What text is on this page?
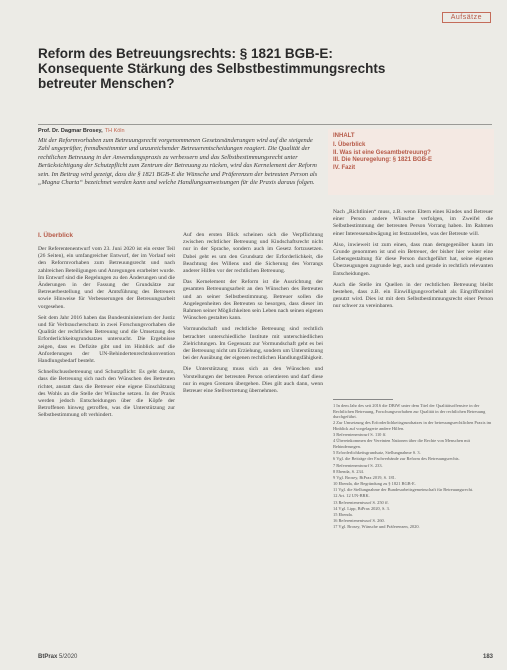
Aufsätze
Reform des Betreuungsrechts: § 1821 BGB-E:
Konsequente Stärkung des Selbstbestimmungsrechts
betreuter Menschen?
Prof. Dr. Dagmar Brosey, TH Köln
Mit der Reformvorhaben zum Betreuungsrecht vorgenommenen Gesetzesänderungen wird auf die steigende Zahl ungeprüfter, fremdbestimmter und unzureichender Betreuerentscheidungen reagiert. Die Qualität der rechtlichen Betreuung in der Anwendungspraxis zu verbessern und das Selbstbestimmungsrecht unter Berücksichtigung der Schutzpflicht zum Zentrum der Betreuung zu rücken, wird das Kernelement der Reform sein. Im Beitrag wird gezeigt, dass die § 1821 BGB-E die Wünsche und Präferenzen der betreuten Person als „Magna Charta“ bezeichnet werden kann und welche Handlungsanweisungen für die Praxis daraus folgen.
INHALT
I. Überblick
II. Was ist eine Gesamtbetreuung?
III. Die Neuregelung: § 1821 BGB-E
IV. Fazit
I. Überblick

Der Referentenentwurf vom 23. Juni 2020 ist ein erster Teil (26 Seiten), ein umfangreicher Entwurf, der im Vorlauf seit den Reformvorhaben zum Betreuungsrecht und nach zahlreichen Beteiligungen und Anregungen erarbeitet wurde. Im Entwurf sind die Regelungen zu den Änderungen und die Änderungen in der Fassung der Grundsätze zur Betreuerbestellung und der Amtsführung des Betreuers sowie Hinweise für Verbesserungen der Betreuungsarbeit vorgesehen.

Seit dem Jahr 2016 haben das Bundesministerium der Justiz und für Verbraucherschutz in zwei Forschungsvorhaben die Qualität der rechtlichen Betreuung und die Umsetzung des Erforderlichkeitsgrundsatzes untersucht. Die Ergebnisse zeigen, dass es Defizite gibt und im Hinblick auf die Anforderungen der UN-Behindertenrechtskonvention Handlungsbedarf besteht.

Schnellschussbetreuung und Schutzpflicht: Es geht darum, dass die Betreuung sich nach den Wünschen des Betreuten richtet, anstatt dass die Betreuer eine eigene Einschätzung des Wohls an die Stelle der Wünsche setzen. In der Praxis werden jedoch Entscheidungen über die Köpfe der Betroffenen hinweg getroffen, was die Unterstützung zur Selbstbestimmung oft verhindert.

Auf den ersten Blick scheinen sich die Verpflichtung zwischen rechtlicher Betreuung und Kindschaftsrecht nicht nur in der Sprache, sondern auch im Gesetz fortzusetzen. Dabei geht es um den Grundsatz der Erforderlichkeit, die Beachtung des Willens und die Sicherung des Vorrangs anderer Hilfen vor der rechtlichen Betreuung.

Das Kernelement der Reform ist die Ausrichtung der gesamten Betreuungsarbeit an den Wünschen des Betreuten und an seiner Selbstbestimmung. Betreuer sollen die Angelegenheiten des Betreuten so besorgen, dass dieser im Rahmen seiner Möglichkeiten sein Leben nach seinen eigenen Wünschen gestalten kann.

Vormundschaft und rechtliche Betreuung sind rechtlich betrachtet unterschiedliche Institute mit unterschiedlichen Zielrichtungen. Im Gegensatz zur Vormundschaft geht es bei der Betreuung nicht um Erziehung, sondern um Unterstützung bei der Ausübung der eigenen rechtlichen Handlungsfähigkeit.

Die Unterstützung muss sich an den Wünschen und Vorstellungen der betreuten Person orientieren und darf diese nur in engen Grenzen übergehen. Dies gilt auch dann, wenn Betreuer eine Stellvertretung übernehmen.

Nach „Richtlinien“ muss, z.B. wenn Eltern eines Kindes und Betreuer einer Person andere Wünsche verfolgen, im Zweifel die Selbstbestimmung der betreuten Person Vorrang haben. Im Rahmen einer Interessenabwägung ist festzustellen, was der Betreute will.

Also, inwieweit ist zum einen, dass man demgegenüber kaum im Grunde genommen ist und ein Betreuer, der bisher hier weiter eine Lebensgestaltung für diese Person durchgeführt hat, seine eigenen Überzeugungen zugrunde legt, auch und gerade in rechtlich relevanten Entscheidungen.

Auch die Stelle im Quellen in der rechtlichen Betreuung bleibt bestehen, dass z.B. ein Einwilligungsvorbehalt als Eingriffsmittel genutzt wird. Dies ist mit dem Selbstbestimmungsrecht einer Person nur schwer zu vereinbaren.

1 In dem Jahr des seit 2016 die DBfW unter dem Titel der Qualitätsoffensive in der Rechtlichen Betreuung, Forschungsvorhaben zur Qualität in der rechtlichen Betreuung durchgeführt.
2 Zur Umsetzung des Erforderlichkeitsgrundsatzes in der betreuungsrechtlichen Praxis im Hinblick auf vorgelagerte andere Hilfen.
3 Referentenentwurf S. 110 ff.
4 Übereinkommen der Vereinten Nationen über die Rechte von Menschen mit Behinderungen.
5 Erforderlichkeitsgrundsatz, Stellungnahme S. 3.
6 Vgl. die Beiträge der Fachverbände zur Reform des Betreuungsrechts.
7 Referentenentwurf S. 233.
8 Ebenda, S. 234.
9 Vgl. Brosey, BtPrax 2019, S. 181.
10 Ebenda, die Begründung zu § 1821 BGB-E.
11 Vgl. die Stellungnahme der Bundesarbeitsgemeinschaft für Betreuungsrecht.
12 Art. 12 UN-BRK.
13 Referentenentwurf S. 250 ff.
14 Vgl. Lipp, BtPrax 2020, S. 3.
15 Ebenda.
16 Referentenentwurf S. 260.
17 Vgl. Brosey, Wünsche und Präferenzen, 2020.
BtPrax 5/2020	183
